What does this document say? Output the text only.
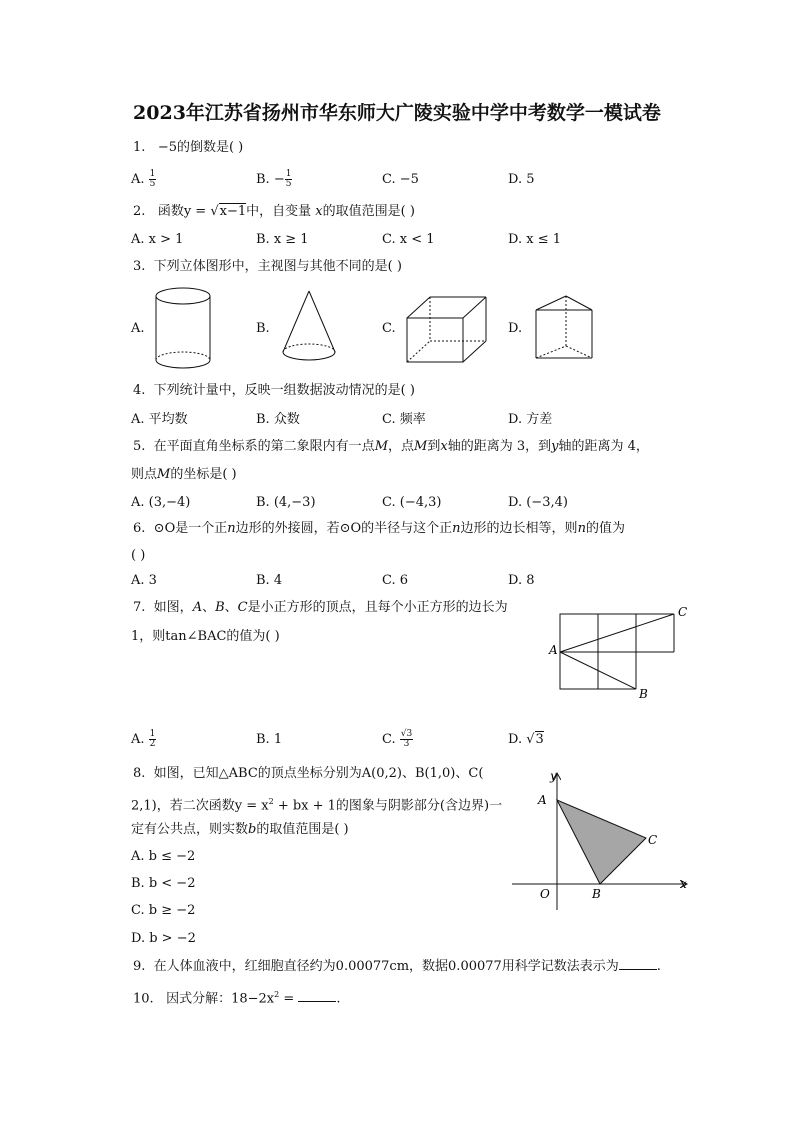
2023年江苏省扬州市华东师大广陵实验中学中考数学一模试卷
1. −5的倒数是( )
A. $\frac{1}{5}$	B. − $\frac{1}{5}$	C. −5	D. 5
2. 函数y = √x−1中，自变量 x的取值范围是( )
A. x > 1	B. x ≥ 1	C. x < 1	D. x ≤ 1
3. 下列立体图形中，主视图与其他不同的是( )
A.	B.	C.	D.
4. 下列统计量中，反映一组数据波动情况的是( )
A. 平均数	B. 众数	C. 频率	D. 方差
5. 在平面直角坐标系的第二象限内有一点M，点M到x轴的距离为 3，到y轴的距离为 4，
则点M的坐标是( )
A. (3,−4)	B. (4,−3)	C. (−4,3)	D. (−3,4)
6. ⊙O是一个正n边形的外接圆，若⊙O的半径与这个正n边形的边长相等，则n的值为
( )
A. 3	B. 4	C. 6	D. 8
7. 如图，A、B、C是小正方形的顶点，且每个小正方形的边长为
1，则tan∠BAC的值为( )
A
B
C
A. $\frac{1}{2}$	B. 1	C. $\frac{√3}{3}$	D. √3
8. 如图，已知△ABC的顶点坐标分别为A(0,2)、B(1,0)、C(
2,1)，若二次函数$y = x^2$ + bx + 1的图象与阴影部分(含边界)一
定有公共点，则实数b的取值范围是( )
A. b ≤ −2
B. b < −2
C. b ≥ −2
D. b > −2
y
x
O
A
B
C
9. 在人体血液中，红细胞直径约为0.00077cm，数据0.00077用科学记数法表示为	.
10. 因式分解：$18-2x^2$ =	.
